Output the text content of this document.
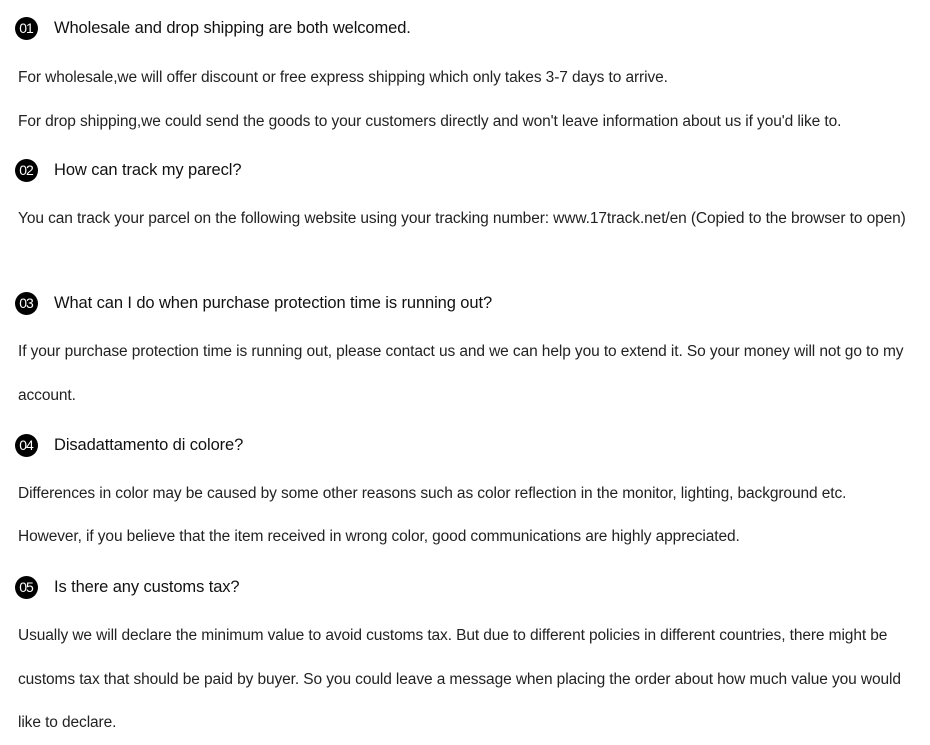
01	Wholesale and drop shipping are both welcomed.
For wholesale,we will offer discount or free express shipping which only takes 3-7 days to arrive.
For drop shipping,we could send the goods to your customers directly and won't leave information about us if you'd like to.
02	How can track my parecl?
You can track your parcel on the following website using your tracking number: www.17track.net/en (Copied to the browser to open)
03	What can I do when purchase protection time is running out?
If your purchase protection time is running out, please contact us and we can help you to extend it. So your money will not go to my account.
04	Disadattamento di colore?
Differences in color may be caused by some other reasons such as color reflection in the monitor, lighting, background etc.
However, if you believe that the item received in wrong color, good communications are highly appreciated.
05	Is there any customs tax?
Usually we will declare the minimum value to avoid customs tax. But due to different policies in different countries, there might be customs tax that should be paid by buyer. So you could leave a message when placing the order about how much value you would like to declare.
